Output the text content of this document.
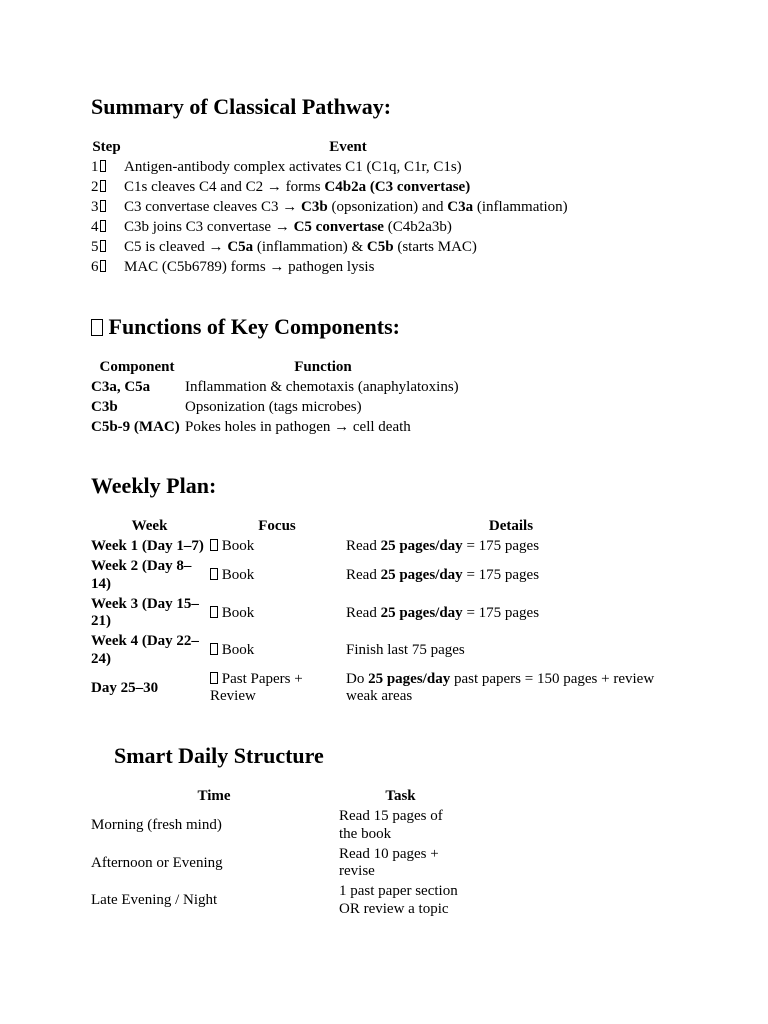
Summary of Classical Pathway:
Step	Event
1	Antigen-antibody complex activates C1 (C1q, C1r, C1s)
2	C1s cleaves C4 and C2 → forms C4b2a (C3 convertase)
3	C3 convertase cleaves C3 → C3b (opsonization) and C3a (inflammation)
4	C3b joins C3 convertase → C5 convertase (C4b2a3b)
5	C5 is cleaved → C5a (inflammation) & C5b (starts MAC)
6	MAC (C5b6789) forms → pathogen lysis
Functions of Key Components:
Component	Function
C3a, C5a	Inflammation & chemotaxis (anaphylatoxins)
C3b	Opsonization (tags microbes)
C5b-9 (MAC)	Pokes holes in pathogen → cell death
Weekly Plan:
Week	Focus	Details
Week 1 (Day 1–7)	Book	Read 25 pages/day = 175 pages
Week 2 (Day 8–14)	Book	Read 25 pages/day = 175 pages
Week 3 (Day 15–21)	Book	Read 25 pages/day = 175 pages
Week 4 (Day 22–24)	Book	Finish last 75 pages
Day 25–30	Past Papers + Review	Do 25 pages/day past papers = 150 pages + review weak areas
Smart Daily Structure
Time	Task
Morning (fresh mind)	Read 15 pages of the book
Afternoon or Evening	Read 10 pages + revise
Late Evening / Night	1 past paper section OR review a topic
